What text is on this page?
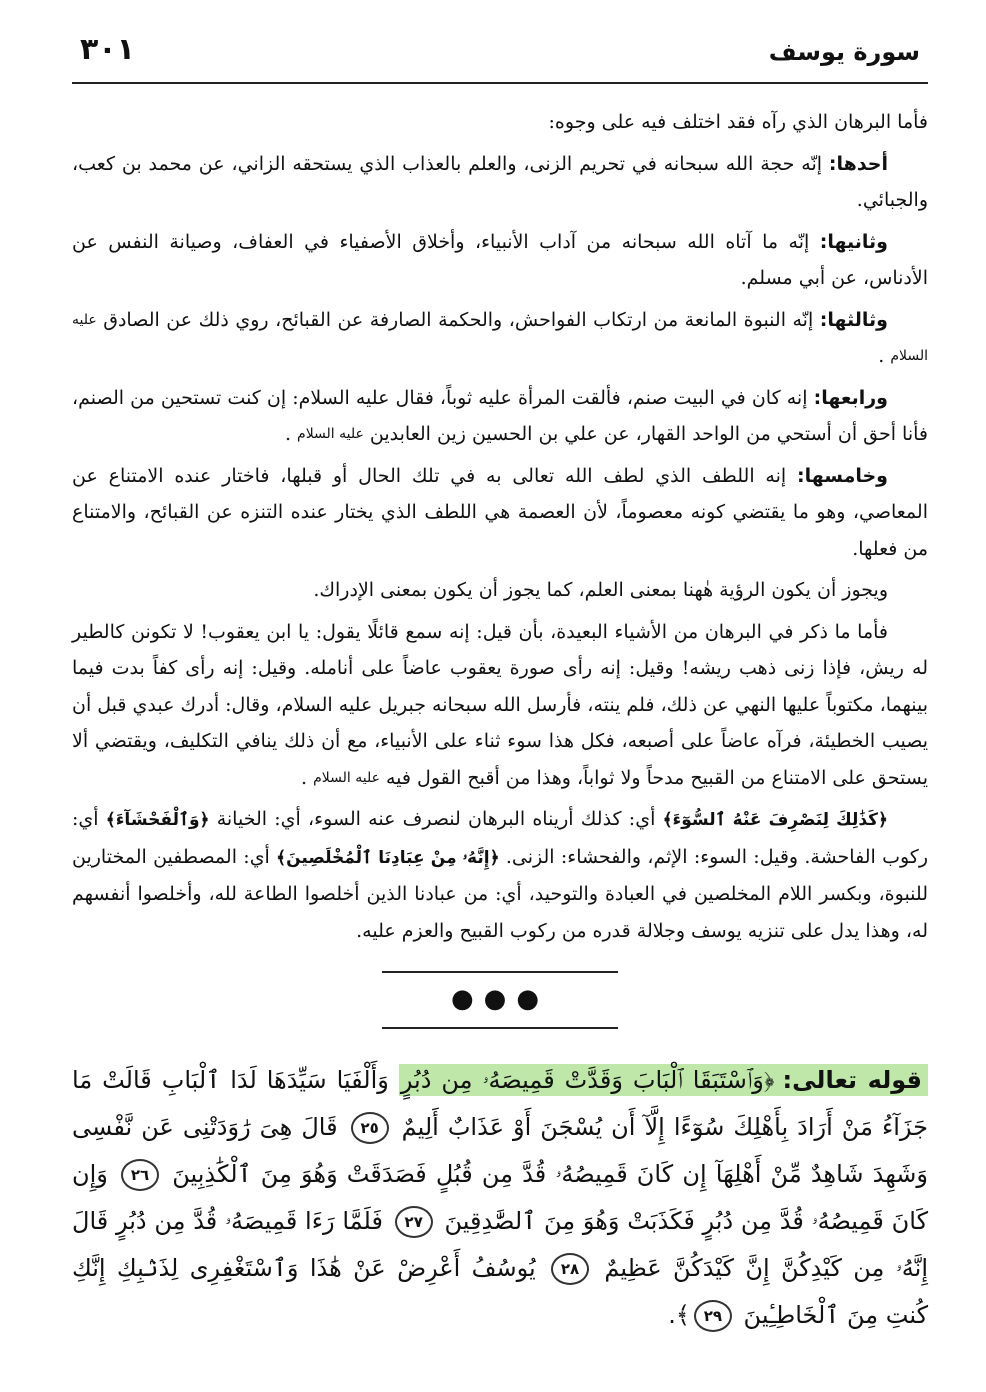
سورة يوسف
٣٠١

فأما البرهان الذي رآه فقد اختلف فيه على وجوه:

أحدها: إنّه حجة الله سبحانه في تحريم الزنى، والعلم بالعذاب الذي يستحقه الزاني، عن محمد بن كعب، والجبائي.

وثانيها: إنّه ما آتاه الله سبحانه من آداب الأنبياء، وأخلاق الأصفياء في العفاف، وصيانة النفس عن الأدناس، عن أبي مسلم.

وثالثها: إنّه النبوة المانعة من ارتكاب الفواحش، والحكمة الصارفة عن القبائح، روي ذلك عن الصادق عليه السلام .

ورابعها: إنه كان في البيت صنم، فألقت المرأة عليه ثوباً، فقال عليه السلام: إن كنت تستحين من الصنم، فأنا أحق أن أستحي من الواحد القهار، عن علي بن الحسين زين العابدين عليه السلام .

وخامسها: إنه اللطف الذي لطف الله تعالى به في تلك الحال أو قبلها، فاختار عنده الامتناع عن المعاصي، وهو ما يقتضي كونه معصوماً، لأن العصمة هي اللطف الذي يختار عنده التنزه عن القبائح، والامتناع من فعلها.

ويجوز أن يكون الرؤية هٰهنا بمعنى العلم، كما يجوز أن يكون بمعنى الإدراك.

فأما ما ذكر في البرهان من الأشياء البعيدة، بأن قيل: إنه سمع قائلًا يقول: يا ابن يعقوب! لا تكونن كالطير له ريش، فإذا زنى ذهب ريشه! وقيل: إنه رأى صورة يعقوب عاضاً على أنامله. وقيل: إنه رأى كفاً بدت فيما بينهما، مكتوباً عليها النهي عن ذلك، فلم ينته، فأرسل الله سبحانه جبريل عليه السلام، وقال: أدرك عبدي قبل أن يصيب الخطيئة، فرآه عاضاً على أصبعه، فكل هذا سوء ثناء على الأنبياء، مع أن ذلك ينافي التكليف، ويقتضي ألا يستحق على الامتناع من القبيح مدحاً ولا ثواباً، وهذا من أقبح القول فيه عليه السلام .

﴿كَذَٰلِكَ لِنَصْرِفَ عَنْهُ ٱلسُّوٓءَ﴾ أي: كذلك أريناه البرهان لنصرف عنه السوء، أي: الخيانة ﴿وَٱلْفَحْشَآءَ﴾ أي: ركوب الفاحشة. وقيل: السوء: الإثم، والفحشاء: الزنى. ﴿إِنَّهُۥ مِنْ عِبَادِنَا ٱلْمُخْلَصِينَ﴾ أي: المصطفين المختارين للنبوة، وبكسر اللام المخلصين في العبادة والتوحيد، أي: من عبادنا الذين أخلصوا الطاعة لله، وأخلصوا أنفسهم له، وهذا يدل على تنزيه يوسف وجلالة قدره من ركوب القبيح والعزم عليه.

●●●
قوله تعالى:﴿وَٱسْتَبَقَا ٱلْبَابَ وَقَدَّتْ قَمِيصَهُۥ مِن دُبُرٍ وَأَلْفَيَا سَيِّدَهَا لَدَا ٱلْبَابِ قَالَتْ مَا جَزَآءُ مَنْ أَرَادَ بِأَهْلِكَ سُوٓءًا إِلَّآ أَن يُسْجَنَ أَوْ عَذَابٌ أَلِيمٌ ٢٥ قَالَ هِىَ رَٰوَدَتْنِى عَن نَّفْسِى وَشَهِدَ شَاهِدٌ مِّنْ أَهْلِهَآ إِن كَانَ قَمِيصُهُۥ قُدَّ مِن قُبُلٍ فَصَدَقَتْ وَهُوَ مِنَ ٱلْكَٰذِبِينَ ٢٦ وَإِن كَانَ قَمِيصُهُۥ قُدَّ مِن دُبُرٍ فَكَذَبَتْ وَهُوَ مِنَ ٱلصَّٰدِقِينَ ٢٧ فَلَمَّا رَءَا قَمِيصَهُۥ قُدَّ مِن دُبُرٍ قَالَ إِنَّهُۥ مِن كَيْدِكُنَّ إِنَّ كَيْدَكُنَّ عَظِيمٌ ٢٨ يُوسُفُ أَعْرِضْ عَنْ هَٰذَا وَٱسْتَغْفِرِى لِذَنۢبِكِ إِنَّكِ كُنتِ مِنَ ٱلْخَاطِـِٔينَ ٢٩﴾.
